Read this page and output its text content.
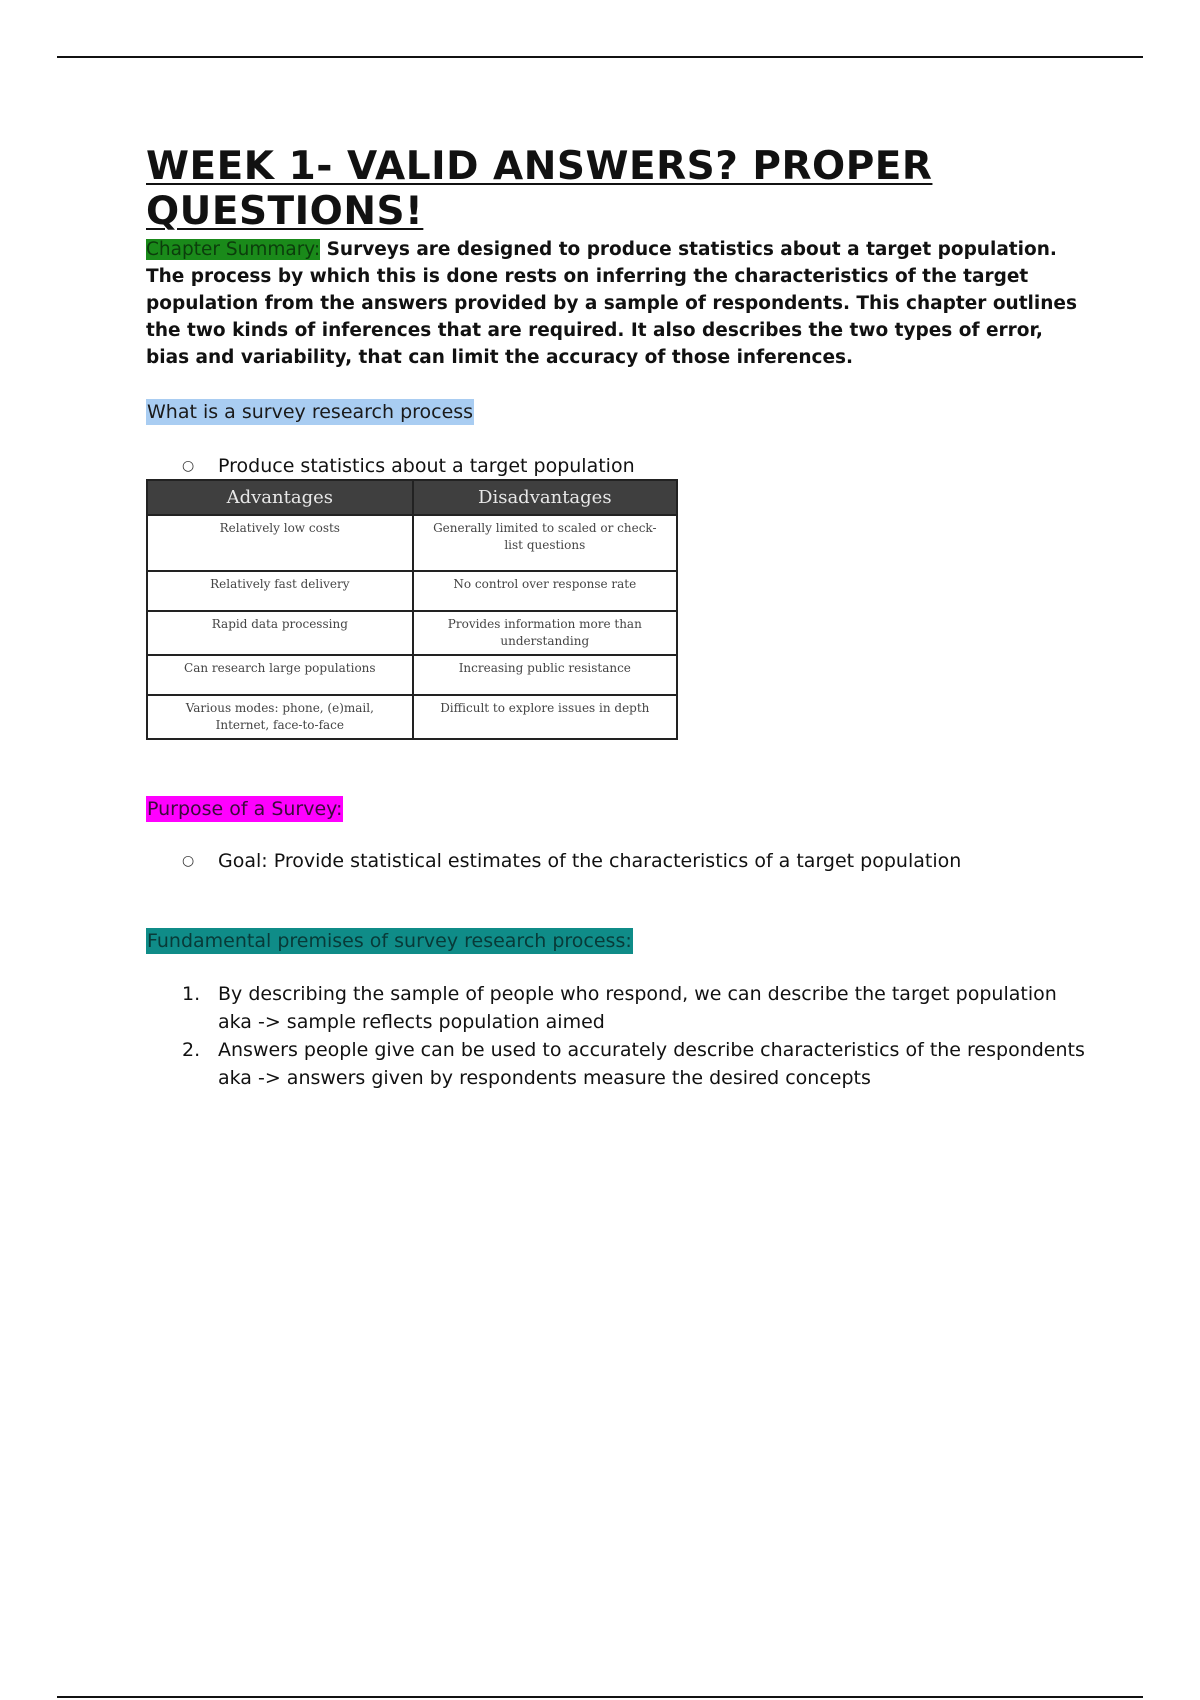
WEEK 1- VALID ANSWERS? PROPER QUESTIONS!

Chapter Summary: Surveys are designed to produce statistics about a target population. The process by which this is done rests on inferring the characteristics of the target population from the answers provided by a sample of respondents. This chapter outlines the two kinds of inferences that are required. It also describes the two types of error, bias and variability, that can limit the accuracy of those inferences.

What is a survey research process
○	Produce statistics about a target population
Advantages	Disadvantages
Relatively low costs	Generally limited to scaled or check-list questions
Relatively fast delivery	No control over response rate
Rapid data processing	Provides information more than understanding
Can research large populations	Increasing public resistance
Various modes: phone, (e)mail, Internet, face-to-face	Difficult to explore issues in depth
Purpose of a Survey:
○	Goal: Provide statistical estimates of the characteristics of a target population
Fundamental premises of survey research process:
1. By describing the sample of people who respond, we can describe the target population aka -> sample reflects population aimed
2. Answers people give can be used to accurately describe characteristics of the respondents aka -> answers given by respondents measure the desired concepts
